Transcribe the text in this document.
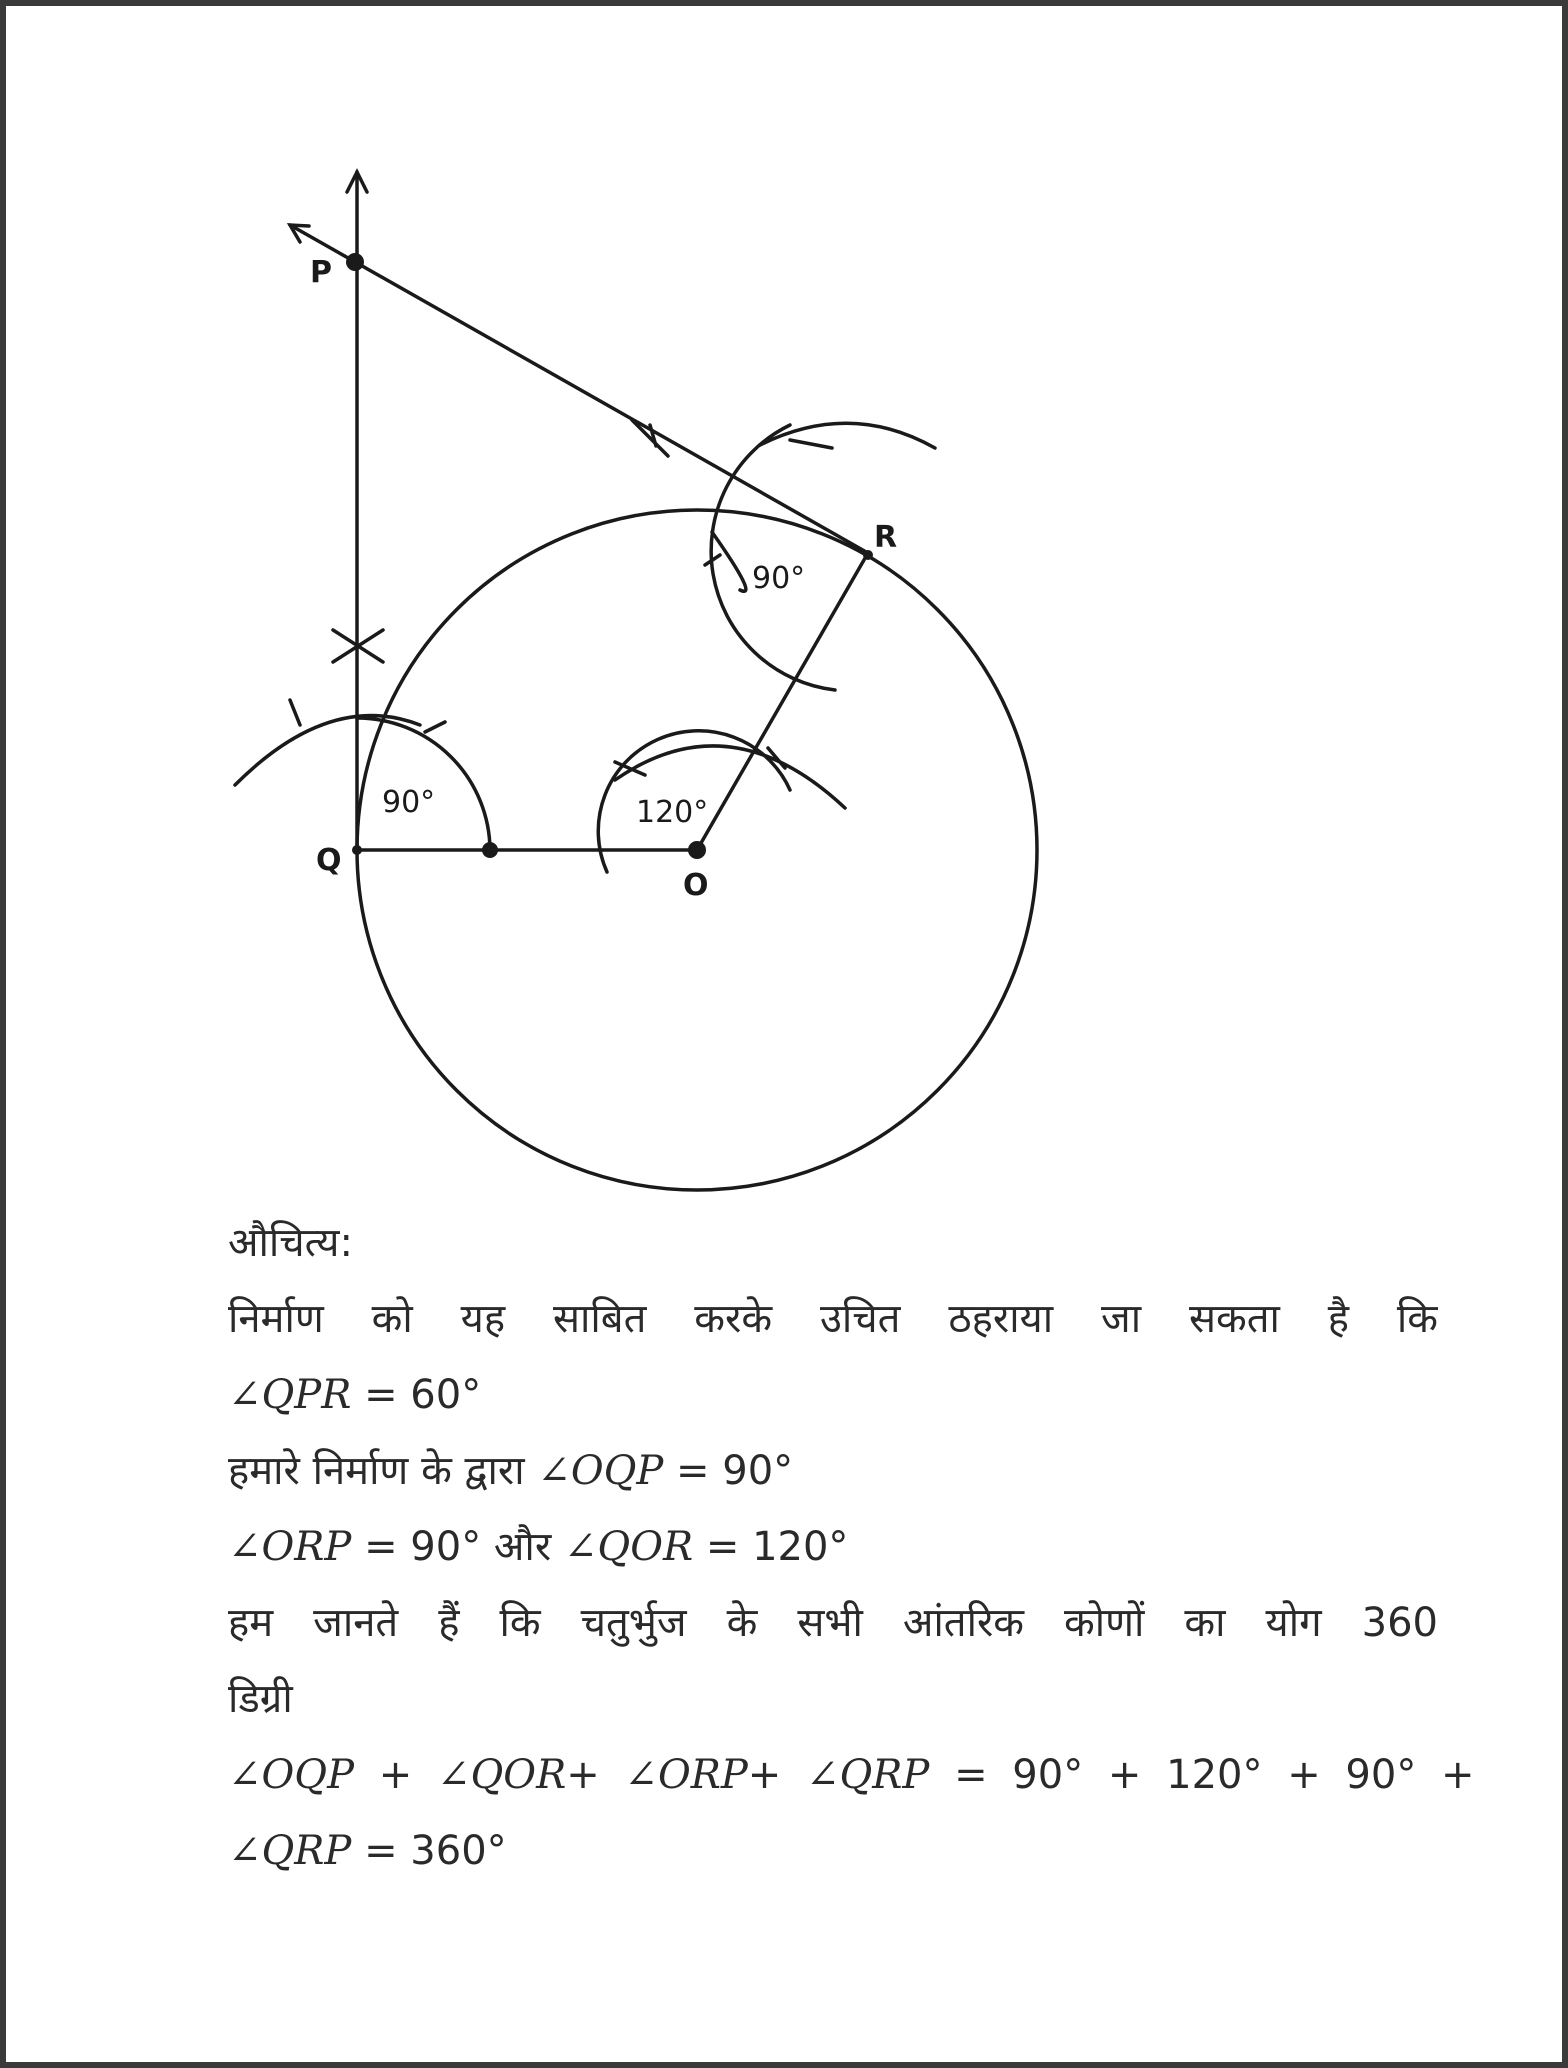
P
Q
R
O
90°	120°
90°
औचित्य:
निर्माण को यह साबित करके उचित ठहराया जा सकता है कि
∠QPR = 60°
हमारे निर्माण के द्वारा ∠OQP = 90°
∠ORP = 90° और ∠QOR = 120°
हम जानते हैं कि चतुर्भुज के सभी आंतरिक कोणों का योग 360
डिग्री
∠OQP + ∠QOR+ ∠ORP+ ∠QRP = 90° + 120° + 90° +
∠QRP = 360°
